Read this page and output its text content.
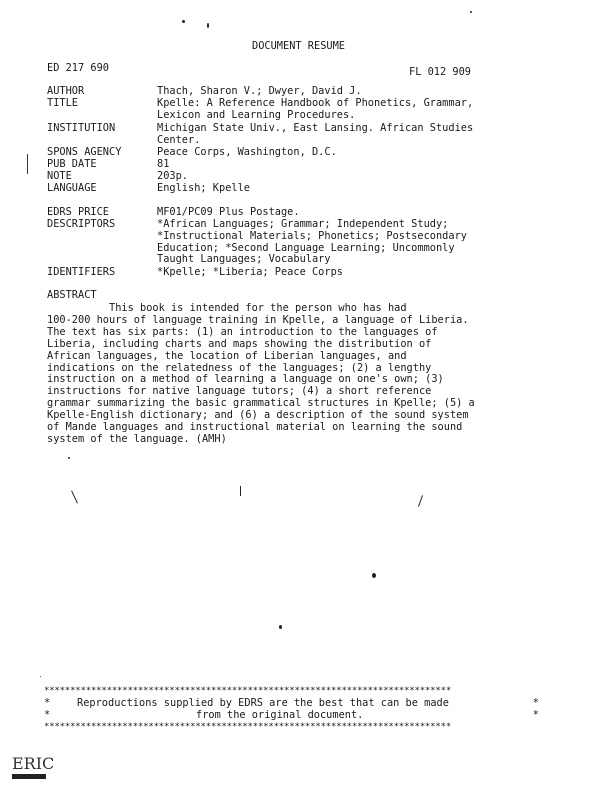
DOCUMENT RESUME
ED 217 690	FL 012 909
AUTHOR	Thach, Sharon V.; Dwyer, David J.
TITLE	Kpelle: A Reference Handbook of Phonetics, Grammar,
Lexicon and Learning Procedures.
INSTITUTION	Michigan State Univ., East Lansing. African Studies
Center.
SPONS AGENCY	Peace Corps, Washington, D.C.
PUB DATE	81
NOTE	203p.
LANGUAGE	English; Kpelle
EDRS PRICE	MF01/PC09 Plus Postage.
DESCRIPTORS	*African Languages; Grammar; Independent Study;
*Instructional Materials; Phonetics; Postsecondary
Education; *Second Language Learning; Uncommonly
Taught Languages; Vocabulary
IDENTIFIERS	*Kpelle; *Liberia; Peace Corps
ABSTRACT
This book is intended for the person who has had
100-200 hours of language training in Kpelle, a language of Liberia.
The text has six parts: (1) an introduction to the languages of
Liberia, including charts and maps showing the distribution of
African languages, the location of Liberian languages, and
indications on the relatedness of the languages; (2) a lengthy
instruction on a method of learning a language on one's own; (3)
instructions for native language tutors; (4) a short reference
grammar summarizing the basic grammatical structures in Kpelle; (5) a
Kpelle-English dictionary; and (6) a description of the sound system
of Mande languages and instructional material on learning the sound
system of the language. (AMH)
******************************************************************************
*	Reproductions supplied by EDRS are the best that can be made	*
*	from the original document.	*
******************************************************************************
ERIC
